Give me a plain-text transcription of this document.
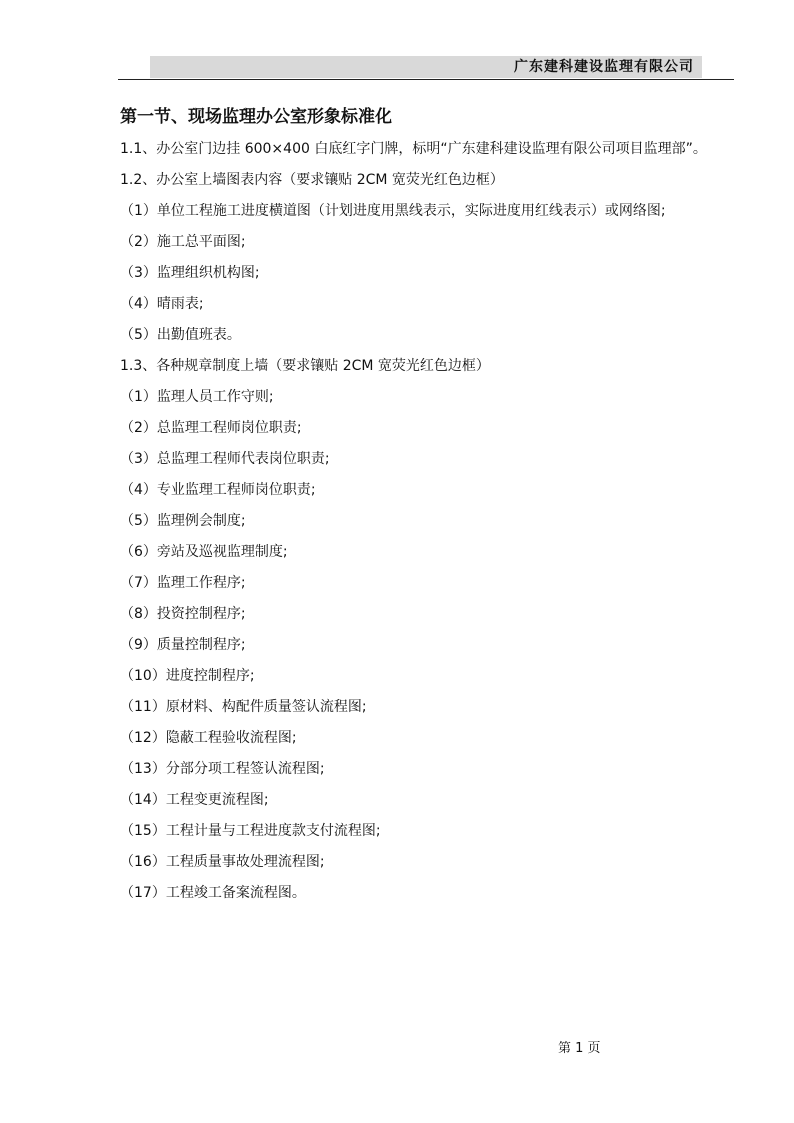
广东建科建设监理有限公司
第一节、现场监理办公室形象标准化

1.1、办公室门边挂 600×400 白底红字门牌，标明“广东建科建设监理有限公司项目监理部”。

1.2、办公室上墙图表内容（要求镶贴 2CM 宽荧光红色边框）

（1）单位工程施工进度横道图（计划进度用黑线表示，实际进度用红线表示）或网络图;

（2）施工总平面图;

（3）监理组织机构图;

（4）晴雨表;

（5）出勤值班表。

1.3、各种规章制度上墙（要求镶贴 2CM 宽荧光红色边框）

（1）监理人员工作守则;

（2）总监理工程师岗位职责;

（3）总监理工程师代表岗位职责;

（4）专业监理工程师岗位职责;

（5）监理例会制度;

（6）旁站及巡视监理制度;

（7）监理工作程序;

（8）投资控制程序;

（9）质量控制程序;

（10）进度控制程序;

（11）原材料、构配件质量签认流程图;

（12）隐蔽工程验收流程图;

（13）分部分项工程签认流程图;

（14）工程变更流程图;

（15）工程计量与工程进度款支付流程图;

（16）工程质量事故处理流程图;

（17）工程竣工备案流程图。

第 1 页
